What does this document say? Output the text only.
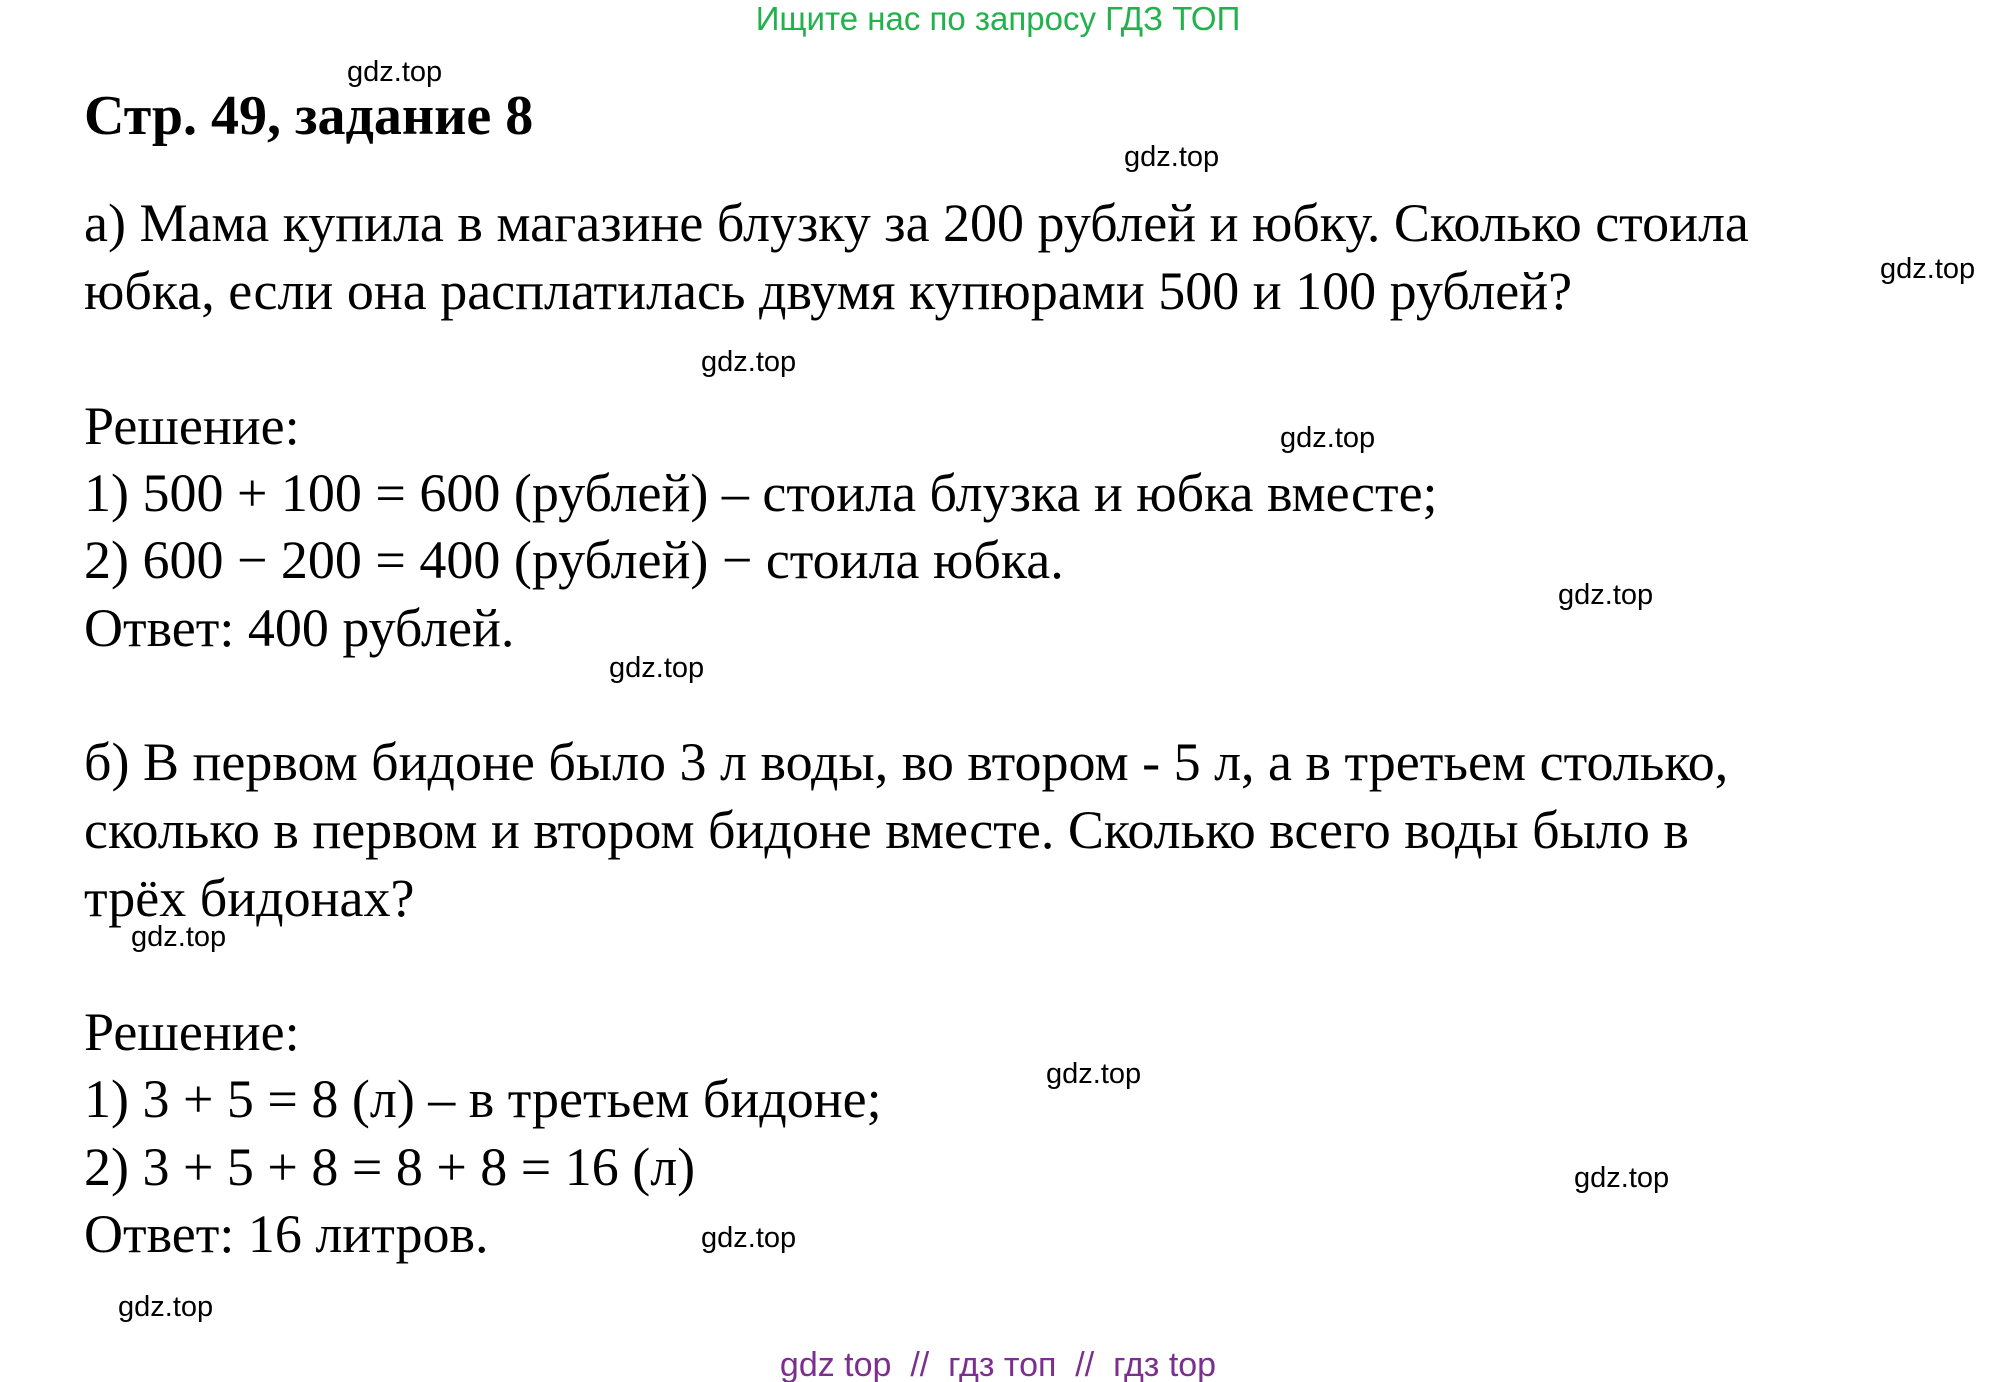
Ищите нас по запросу ГДЗ ТОП
Стр. 49, задание 8
а) Мама купила в магазине блузку за 200 рублей и юбку. Сколько стоила
юбка, если она расплатилась двумя купюрами 500 и 100 рублей?
Решение:
1) 500 + 100 = 600 (рублей) – стоила блузка и юбка вместе;
2) 600 − 200 = 400 (рублей) − стоила юбка.
Ответ: 400 рублей.
б) В первом бидоне было 3 л воды, во втором - 5 л, а в третьем столько,
сколько в первом и втором бидоне вместе. Сколько всего воды было в
трёх бидонах?
Решение:
1) 3 + 5 = 8 (л) – в третьем бидоне;
2) 3 + 5 + 8 = 8 + 8 = 16 (л)
Ответ: 16 литров.
gdz.top
gdz.top
gdz.top
gdz.top
gdz.top
gdz.top
gdz.top
gdz.top
gdz.top
gdz.top
gdz.top
gdz.top
gdz top  //  гдз топ  //  гдз top
